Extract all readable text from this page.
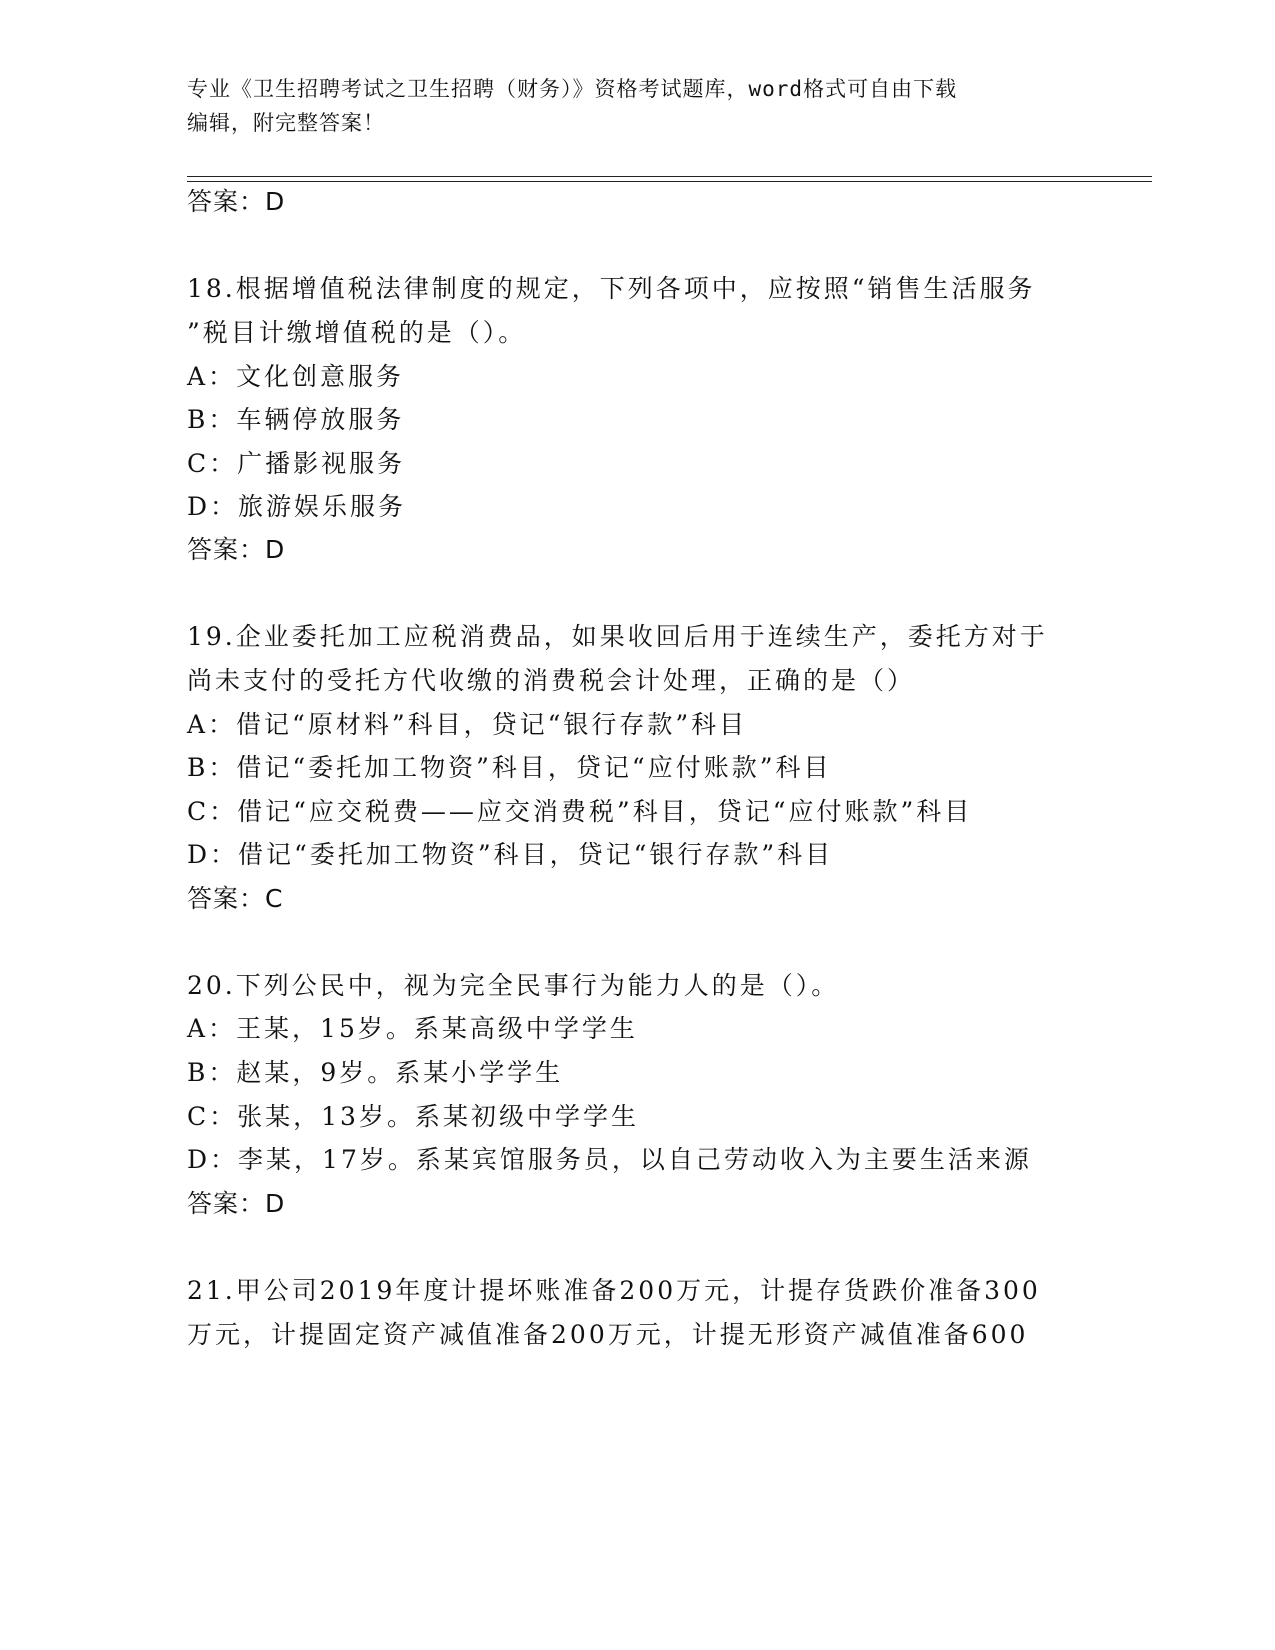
专业《卫生招聘考试之卫生招聘（财务）》资格考试题库，word格式可自由下载
编辑，附完整答案！
答案：D
18.根据增值税法律制度的规定，下列各项中，应按照“销售生活服务
”税目计缴增值税的是（）。
A：文化创意服务
B：车辆停放服务
C：广播影视服务
D：旅游娱乐服务
答案：D
19.企业委托加工应税消费品，如果收回后用于连续生产，委托方对于
尚未支付的受托方代收缴的消费税会计处理，正确的是（）
A：借记“原材料”科目，贷记“银行存款”科目
B：借记“委托加工物资”科目，贷记“应付账款”科目
C：借记“应交税费——应交消费税”科目，贷记“应付账款”科目
D：借记“委托加工物资”科目，贷记“银行存款”科目
答案：C
20.下列公民中，视为完全民事行为能力人的是（）。
A：王某，15岁。系某高级中学学生
B：赵某，9岁。系某小学学生
C：张某，13岁。系某初级中学学生
D：李某，17岁。系某宾馆服务员，以自己劳动收入为主要生活来源
答案：D
21.甲公司2019年度计提坏账准备200万元，计提存货跌价准备300
万元，计提固定资产减值准备200万元，计提无形资产减值准备600
